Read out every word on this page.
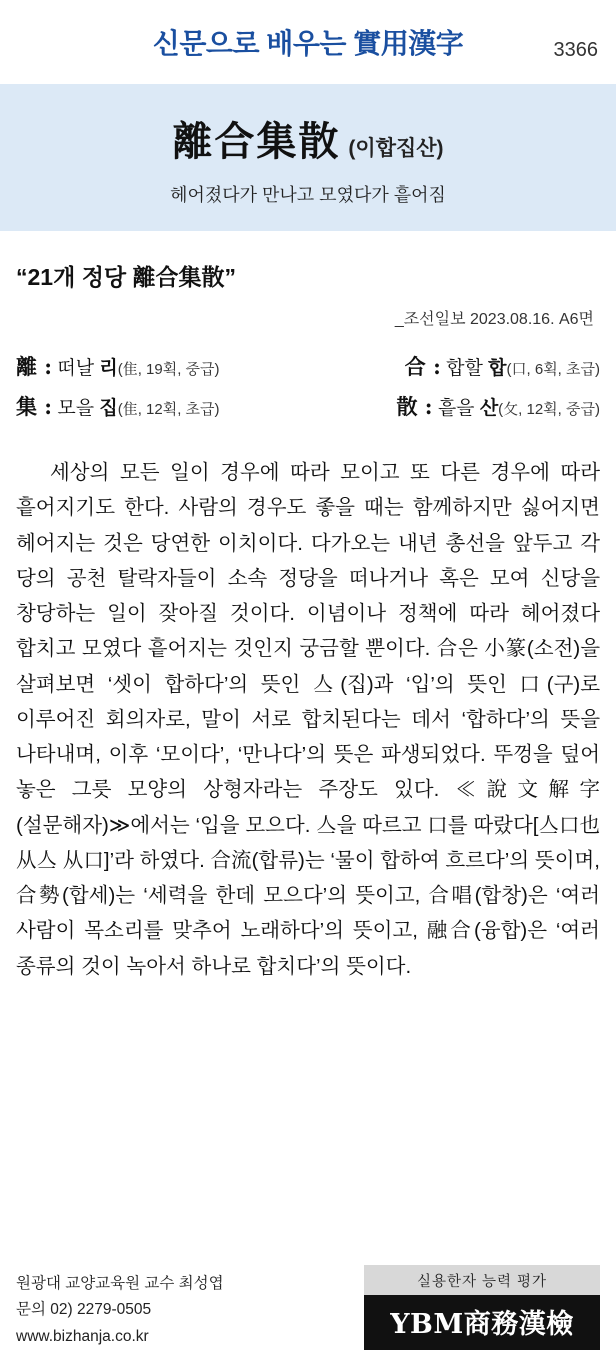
신문으로 배우는 實用漢字	3366
離合集散 (이합집산)
헤어졌다가 만나고 모였다가 흩어짐
“21개 정당 離合集散”
_조선일보 2023.08.16. A6면
離 : 떠날 리(隹, 19획, 중급)	合 : 합할 합(口, 6획, 초급)
集 : 모을 집(隹, 12획, 초급)	散 : 흩을 산(攵, 12획, 중급)
세상의 모든 일이 경우에 따라 모이고 또 다른 경우에 따라 흩어지기도 한다. 사람의 경우도 좋을 때는 함께하지만 싫어지면 헤어지는 것은 당연한 이치이다. 다가오는 내년 총선을 앞두고 각 당의 공천 탈락자들이 소속 정당을 떠나거나 혹은 모여 신당을 창당하는 일이 잦아질 것이다. 이념이나 정책에 따라 헤어졌다 합치고 모였다 흩어지는 것인지 궁금할 뿐이다. 合은 小篆(소전)을 살펴보면 ‘셋이 합하다’의 뜻인 亼(집)과 ‘입’의 뜻인 口(구)로 이루어진 회의자로, 말이 서로 합치된다는 데서 ‘합하다’의 뜻을 나타내며, 이후 ‘모이다’, ‘만나다’의 뜻은 파생되었다. 뚜껑을 덮어 놓은 그릇 모양의 상형자라는 주장도 있다. ≪說文解字(설문해자)≫에서는 ‘입을 모으다. 亼을 따르고 口를 따랐다[亼口也 从亼 从口]’라 하였다. 合流(합류)는 ‘물이 합하여 흐르다’의 뜻이며, 合勢(합세)는 ‘세력을 한데 모으다’의 뜻이고, 合唱(합창)은 ‘여러 사람이 목소리를 맞추어 노래하다’의 뜻이고, 融合(융합)은 ‘여러 종류의 것이 녹아서 하나로 합치다’의 뜻이다.
원광대 교양교육원 교수 최성엽
문의 02) 2279-0505
www.bizhanja.co.kr
실용한자 능력 평가
YBM商務漢檢
